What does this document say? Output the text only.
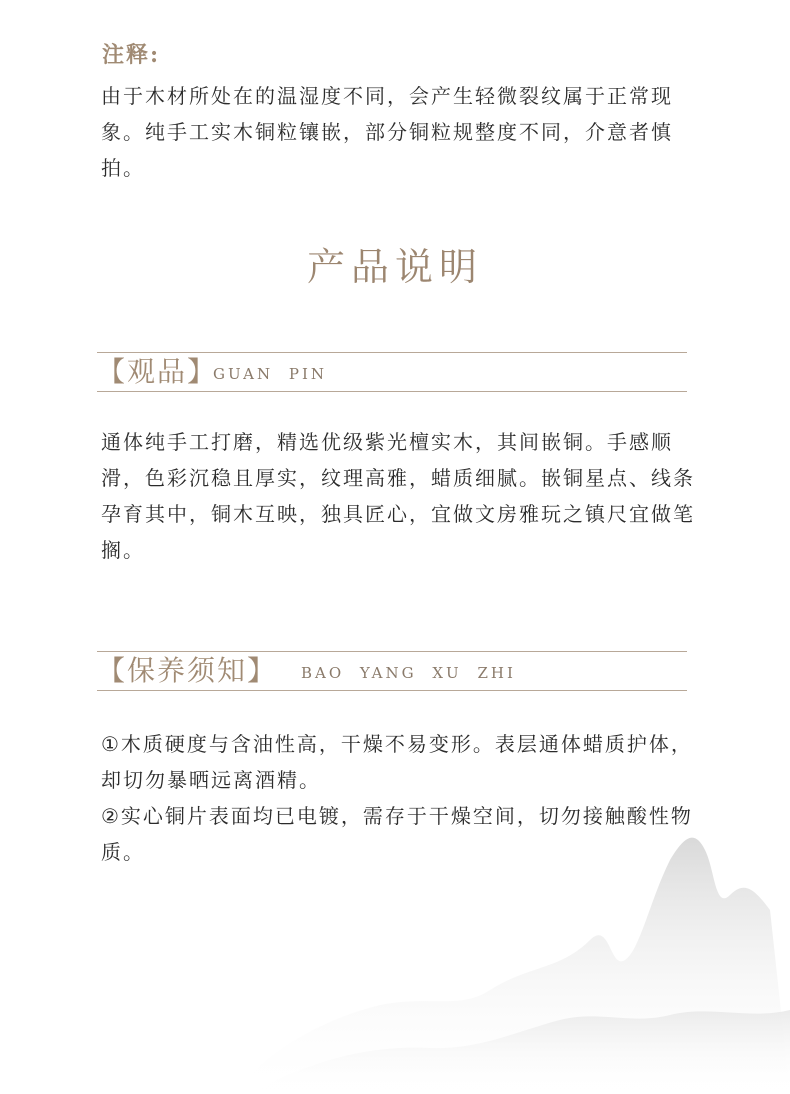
注释:
由于木材所处在的温湿度不同，会产生轻微裂纹属于正常现象。纯手工实木铜粒镶嵌，部分铜粒规整度不同，介意者慎拍。
产品说明
【观品】
GUAN PIN

通体纯手工打磨，精选优级紫光檀实木，其间嵌铜。手感顺滑，色彩沉稳且厚实，纹理高雅，蜡质细腻。嵌铜星点、线条孕育其中，铜木互映，独具匠心，宜做文房雅玩之镇尺宜做笔搁。

【保养须知】 BAO YANG XU ZHI

①木质硬度与含油性高，干燥不易变形。表层通体蜡质护体，却切勿暴晒远离酒精。

②实心铜片表面均已电镀，需存于干燥空间，切勿接触酸性物质。
